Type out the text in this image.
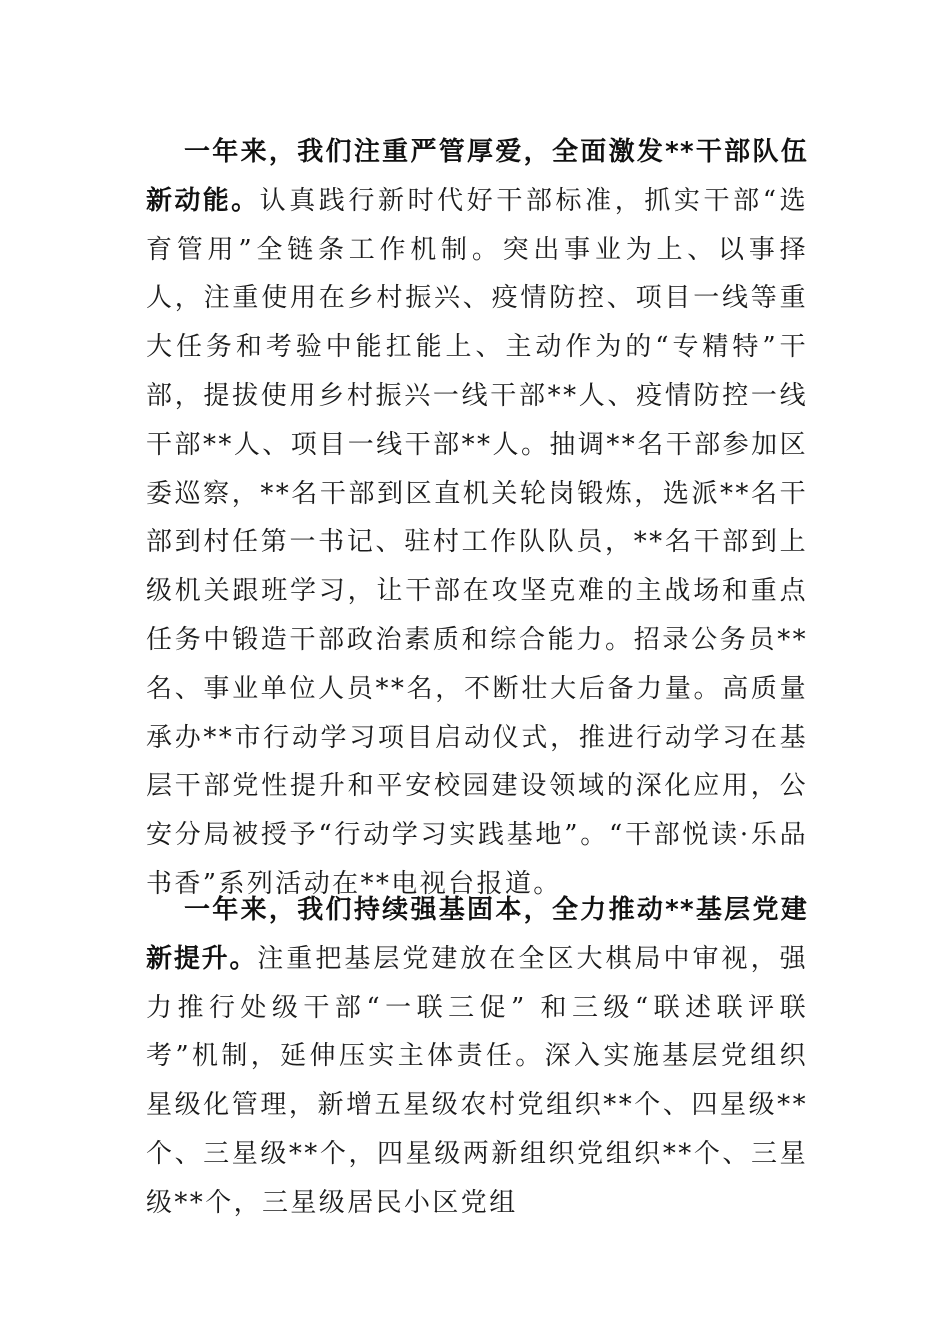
一年来，我们注重严管厚爱，全面激发**干部队伍新动能。认真践行新时代好干部标准，抓实干部“选育管用”全链条工作机制。突出事业为上、以事择人，注重使用在乡村振兴、疫情防控、项目一线等重大任务和考验中能扛能上、主动作为的“专精特”干部，提拔使用乡村振兴一线干部**人、疫情防控一线干部**人、项目一线干部**人。抽调**名干部参加区委巡察，**名干部到区直机关轮岗锻炼，选派**名干部到村任第一书记、驻村工作队队员，**名干部到上级机关跟班学习，让干部在攻坚克难的主战场和重点任务中锻造干部政治素质和综合能力。招录公务员**名、事业单位人员**名，不断壮大后备力量。高质量承办**市行动学习项目启动仪式，推进行动学习在基层干部党性提升和平安校园建设领域的深化应用，公安分局被授予“行动学习实践基地”。“干部悦读·乐品书香”系列活动在**电视台报道。

一年来，我们持续强基固本，全力推动**基层党建新提升。注重把基层党建放在全区大棋局中审视，强力推行处级干部“一联三促” 和三级“联述联评联考”机制，延伸压实主体责任。深入实施基层党组织星级化管理，新增五星级农村党组织**个、四星级**个、三星级**个，四星级两新组织党组织**个、三星级**个，三星级居民小区党组
